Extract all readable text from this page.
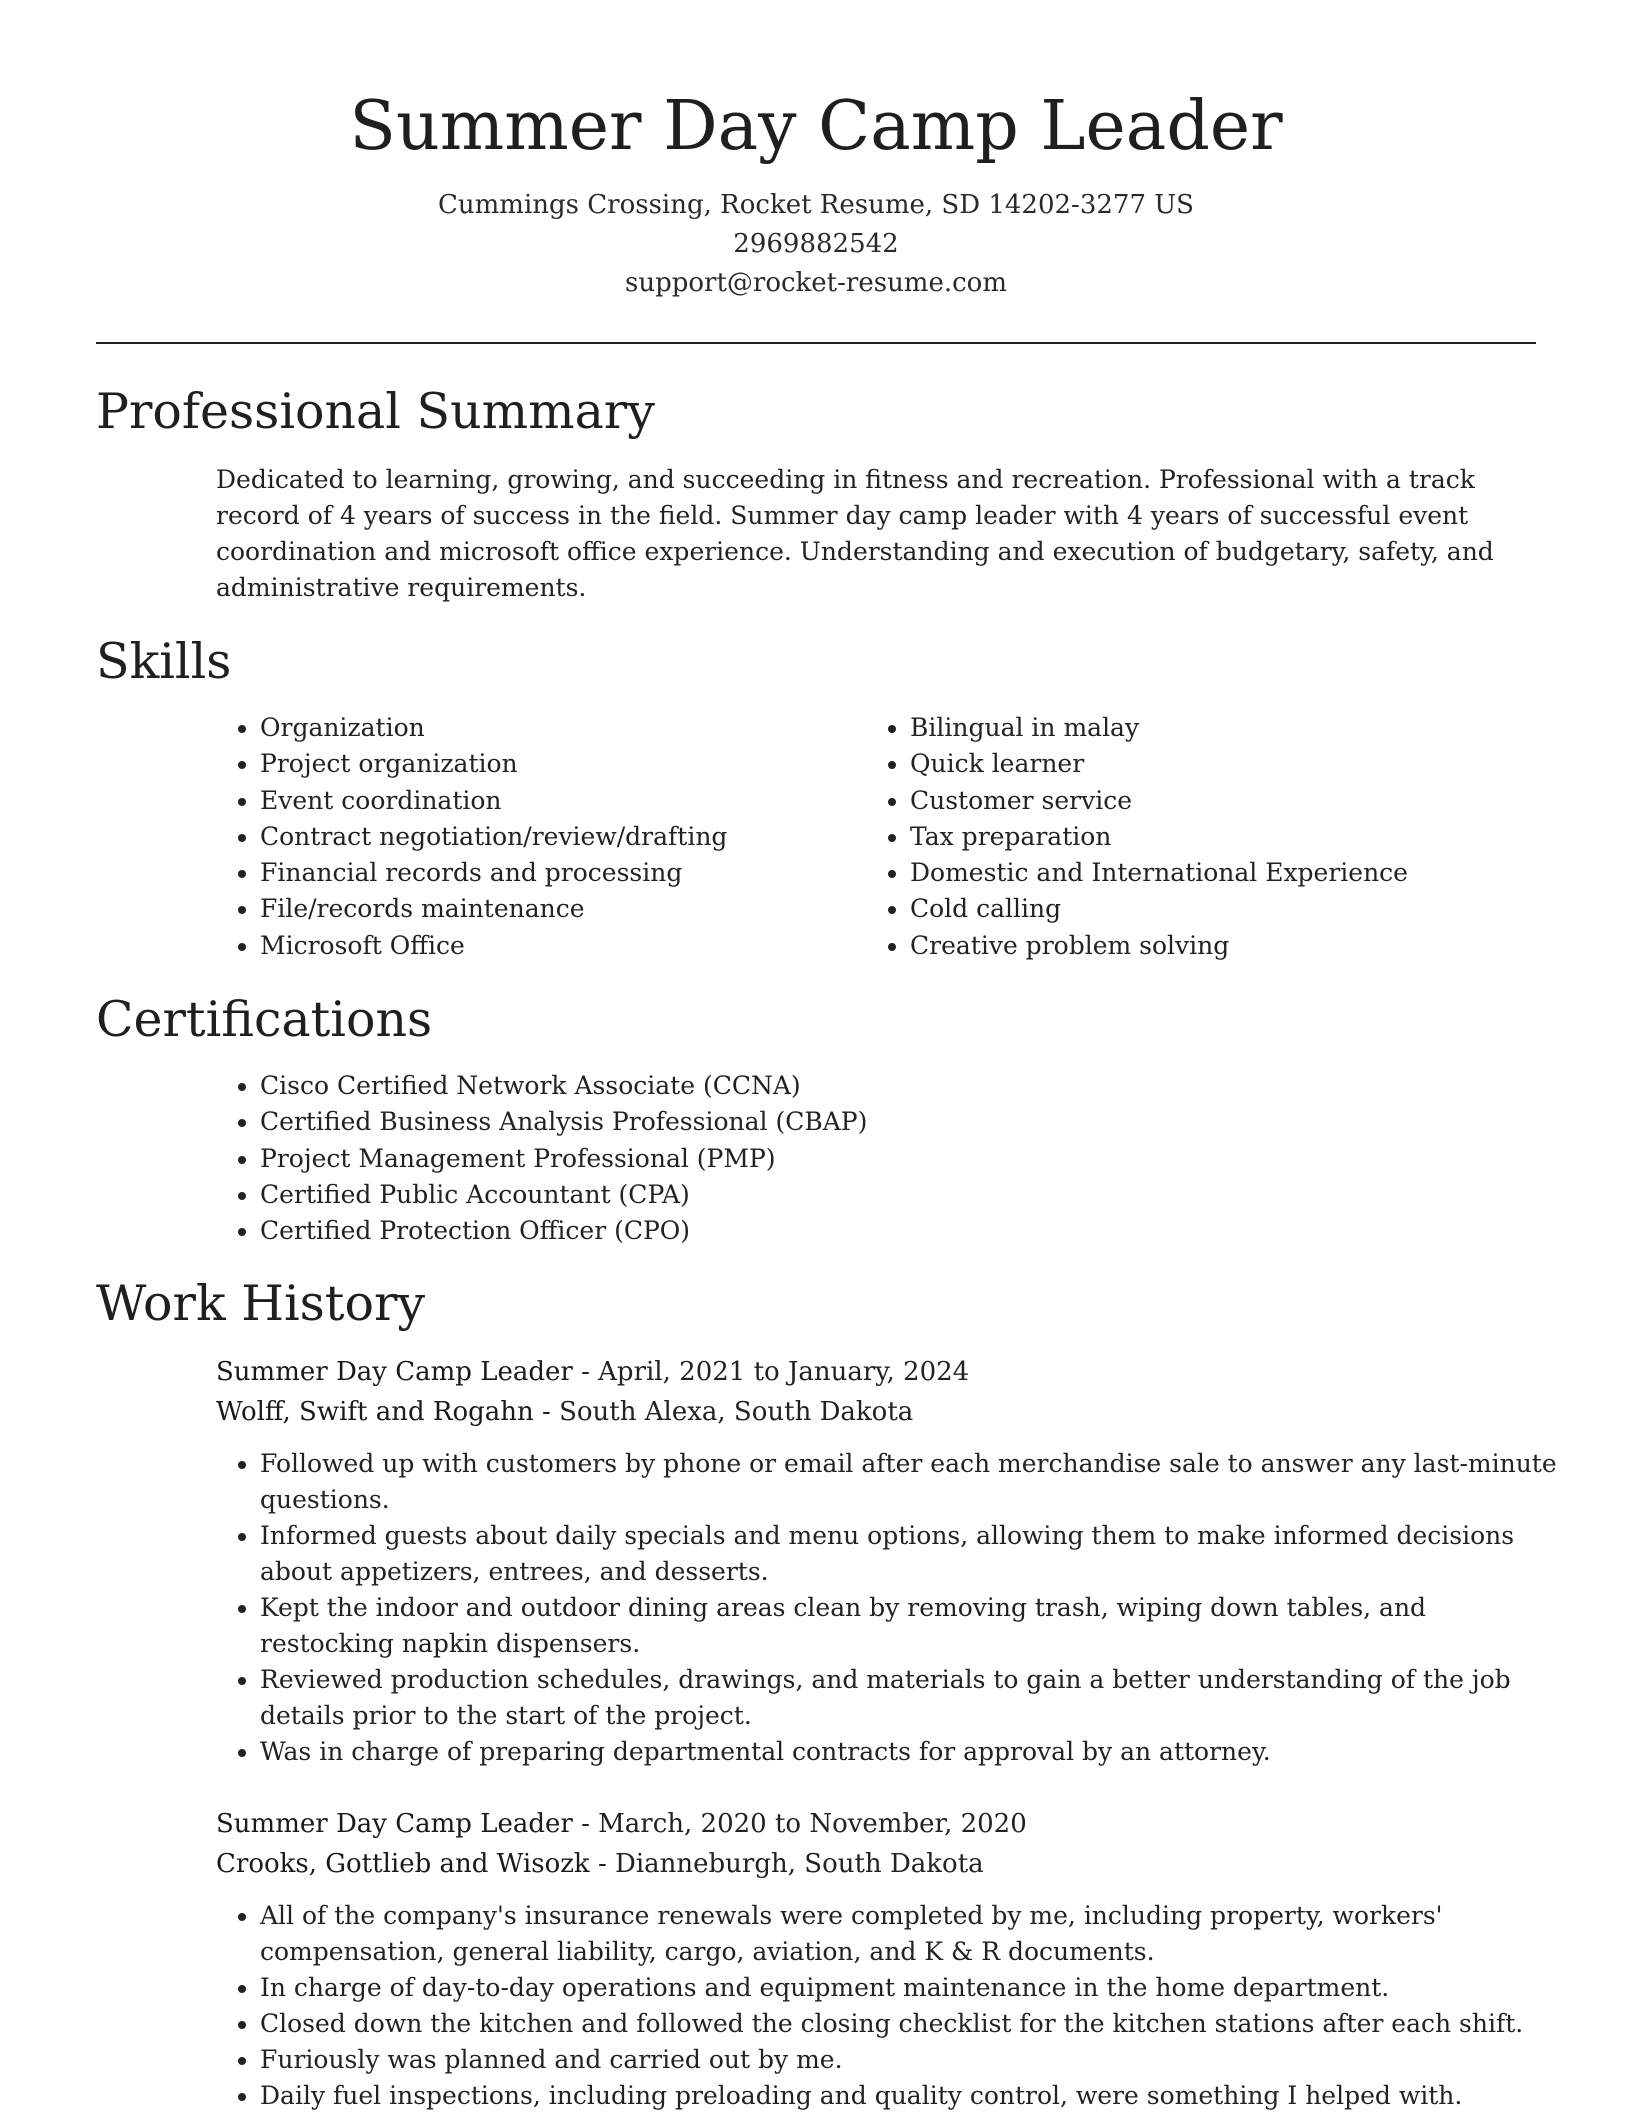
Summer Day Camp Leader
Cummings Crossing, Rocket Resume, SD 14202-3277 US
2969882542
support@rocket-resume.com
Professional Summary
Dedicated to learning, growing, and succeeding in fitness and recreation. Professional with a track record of 4 years of success in the field. Summer day camp leader with 4 years of successful event coordination and microsoft office experience. Understanding and execution of budgetary, safety, and administrative requirements.
Skills
• Organization
• Project organization
• Event coordination
• Contract negotiation/review/drafting
• Financial records and processing
• File/records maintenance
• Microsoft Office
• Bilingual in malay
• Quick learner
• Customer service
• Tax preparation
• Domestic and International Experience
• Cold calling
• Creative problem solving
Certifications
• Cisco Certified Network Associate (CCNA)
• Certified Business Analysis Professional (CBAP)
• Project Management Professional (PMP)
• Certified Public Accountant (CPA)
• Certified Protection Officer (CPO)
Work History
Summer Day Camp Leader - April, 2021 to January, 2024
Wolff, Swift and Rogahn - South Alexa, South Dakota
• Followed up with customers by phone or email after each merchandise sale to answer any last-minute questions.
• Informed guests about daily specials and menu options, allowing them to make informed decisions about appetizers, entrees, and desserts.
• Kept the indoor and outdoor dining areas clean by removing trash, wiping down tables, and restocking napkin dispensers.
• Reviewed production schedules, drawings, and materials to gain a better understanding of the job details prior to the start of the project.
• Was in charge of preparing departmental contracts for approval by an attorney.
Summer Day Camp Leader - March, 2020 to November, 2020
Crooks, Gottlieb and Wisozk - Dianneburgh, South Dakota
• All of the company's insurance renewals were completed by me, including property, workers' compensation, general liability, cargo, aviation, and K & R documents.
• In charge of day-to-day operations and equipment maintenance in the home department.
• Closed down the kitchen and followed the closing checklist for the kitchen stations after each shift.
• Furiously was planned and carried out by me.
• Daily fuel inspections, including preloading and quality control, were something I helped with.
